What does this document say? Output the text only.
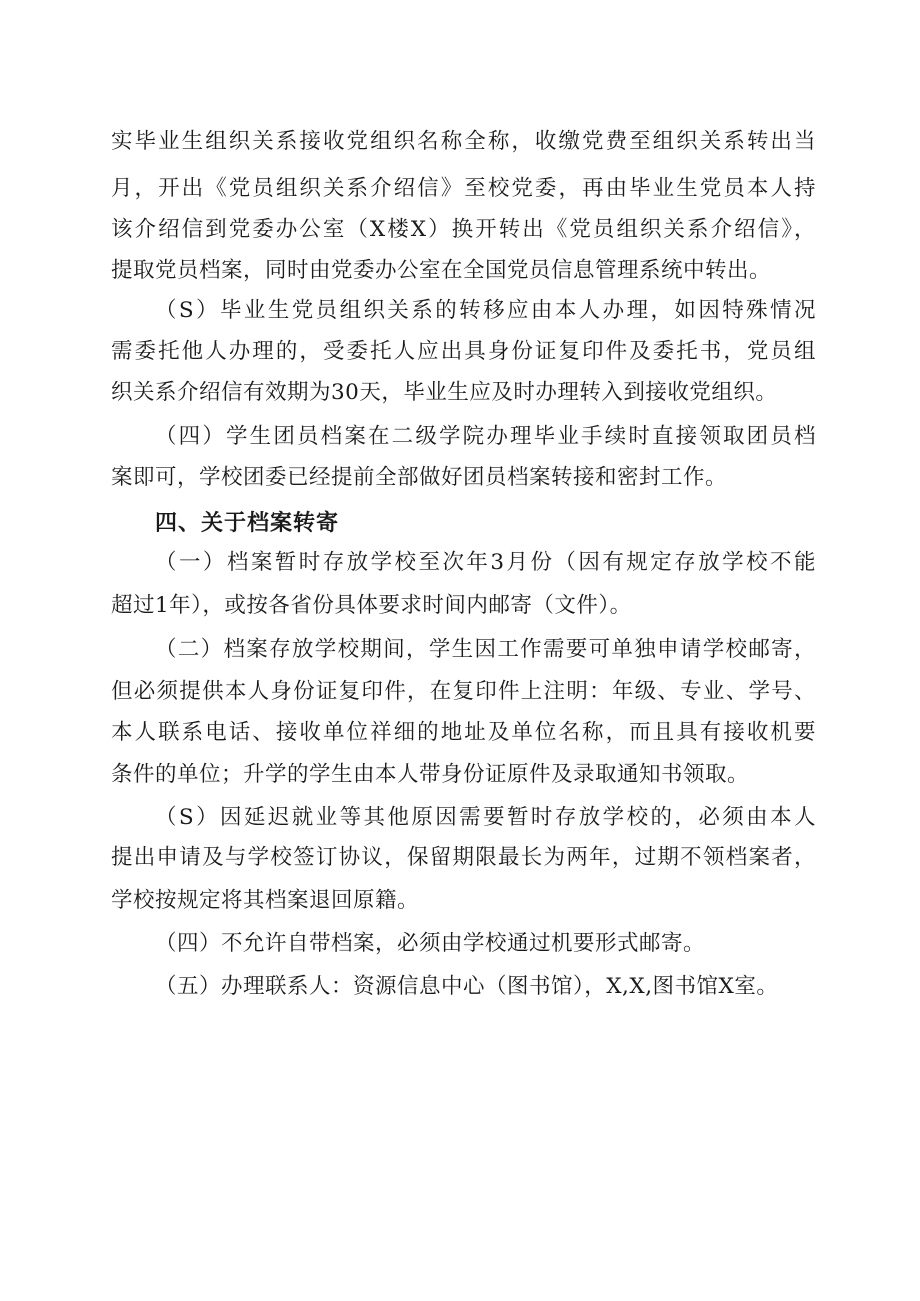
实毕业生组织关系接收党组织名称全称，收缴党费至组织关系转出当
月，开出《党员组织关系介绍信》至校党委，再由毕业生党员本人持
该介绍信到党委办公室（X楼X）换开转出《党员组织关系介绍信》，
提取党员档案，同时由党委办公室在全国党员信息管理系统中转出。
（S）毕业生党员组织关系的转移应由本人办理，如因特殊情况
需委托他人办理的，受委托人应出具身份证复印件及委托书，党员组
织关系介绍信有效期为30天，毕业生应及时办理转入到接收党组织。
（四）学生团员档案在二级学院办理毕业手续时直接领取团员档
案即可，学校团委已经提前全部做好团员档案转接和密封工作。
四、关于档案转寄
（一）档案暂时存放学校至次年3月份（因有规定存放学校不能
超过1年），或按各省份具体要求时间内邮寄（文件）。
（二）档案存放学校期间，学生因工作需要可单独申请学校邮寄，
但必须提供本人身份证复印件，在复印件上注明：年级、专业、学号、
本人联系电话、接收单位祥细的地址及单位名称，而且具有接收机要
条件的单位；升学的学生由本人带身份证原件及录取通知书领取。
（S）因延迟就业等其他原因需要暂时存放学校的，必须由本人
提出申请及与学校签订协议，保留期限最长为两年，过期不领档案者，
学校按规定将其档案退回原籍。
（四）不允许自带档案，必须由学校通过机要形式邮寄。
（五）办理联系人：资源信息中心（图书馆），X,X,图书馆X室。
